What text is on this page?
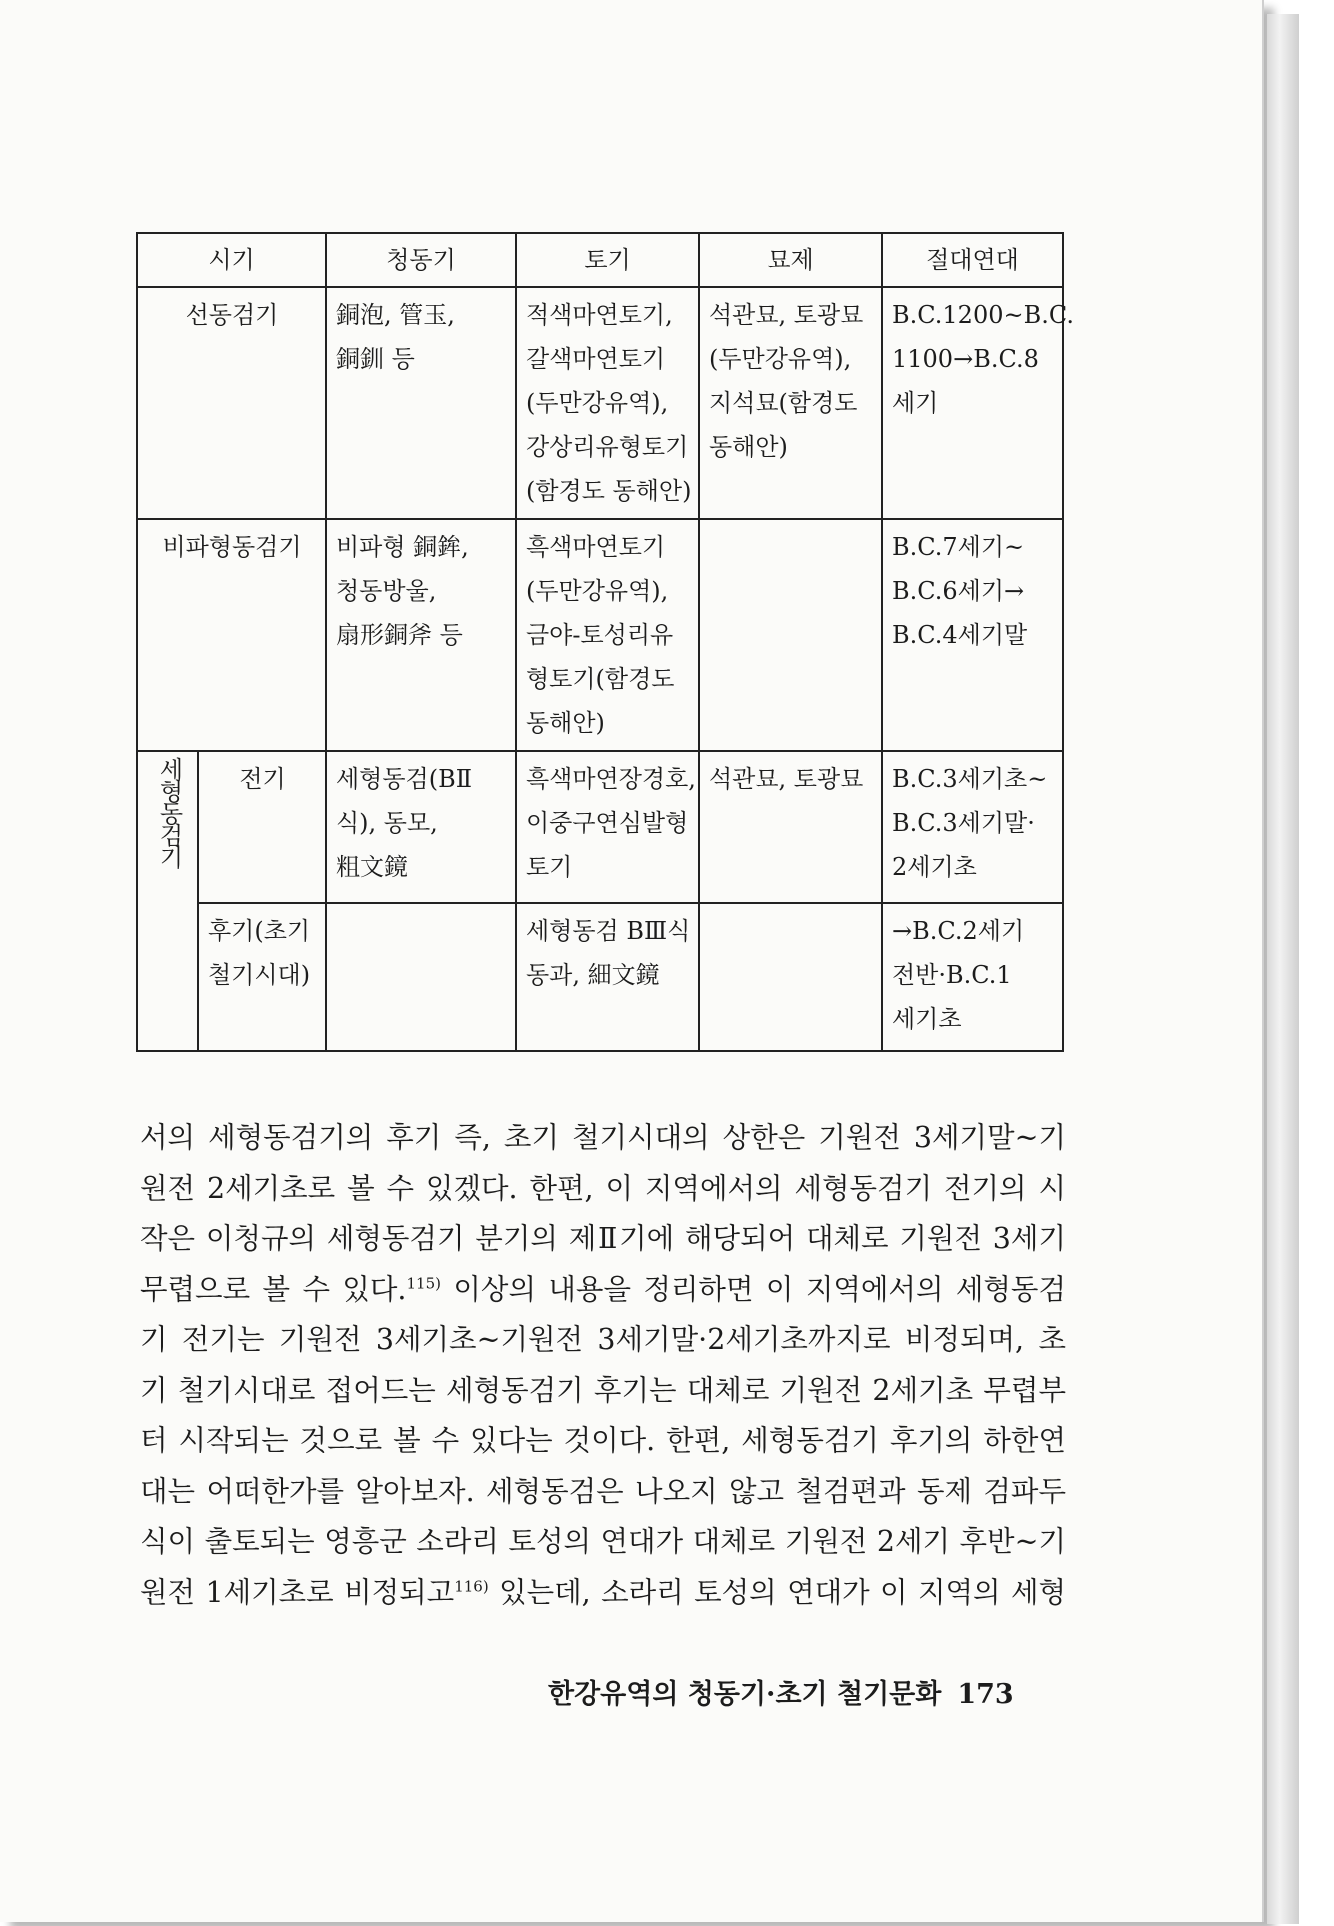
시기		청동기	토기	묘제	절대연대

선동검기		銅泡, 管玉,
銅釧 등	적색마연토기,
갈색마연토기
(두만강유역),
강상리유형토기
(함경도 동해안)	석관묘, 토광묘
(두만강유역),
지석묘(함경도
동해안)	B.C.1200~B.C.
1100→B.C.8
세기

비파형동검기		비파형 銅鉾,
청동방울,
扇形銅斧 등	흑색마연토기
(두만강유역),
금야-토성리유
형토기(함경도
동해안)		B.C.7세기~
B.C.6세기→
B.C.4세기말

세형동검기	전기	세형동검(BⅡ
식), 동모,
粗文鏡	흑색마연장경호,
이중구연심발형
토기	석관묘, 토광묘	B.C.3세기초~
B.C.3세기말·
2세기초

	후기(초기
철기시대)		세형동검 BⅢ식
동과, 細文鏡		→B.C.2세기
전반·B.C.1
세기초
서의 세형동검기의 후기 즉, 초기 철기시대의 상한은 기원전 3세기말~기
원전 2세기초로 볼 수 있겠다. 한편, 이 지역에서의 세형동검기 전기의 시
작은 이청규의 세형동검기 분기의 제Ⅱ기에 해당되어 대체로 기원전 3세기
무렵으로 볼 수 있다.$^{115)}$ 이상의 내용을 정리하면 이 지역에서의 세형동검
기 전기는 기원전 3세기초~기원전 3세기말·2세기초까지로 비정되며, 초
기 철기시대로 접어드는 세형동검기 후기는 대체로 기원전 2세기초 무렵부
터 시작되는 것으로 볼 수 있다는 것이다. 한편, 세형동검기 후기의 하한연
대는 어떠한가를 알아보자. 세형동검은 나오지 않고 철검편과 동제 검파두
식이 출토되는 영흥군 소라리 토성의 연대가 대체로 기원전 2세기 후반~기
원전 1세기초로 비정되고$^{116)}$ 있는데, 소라리 토성의 연대가 이 지역의 세형
한강유역의 청동기·초기 철기문화 173
